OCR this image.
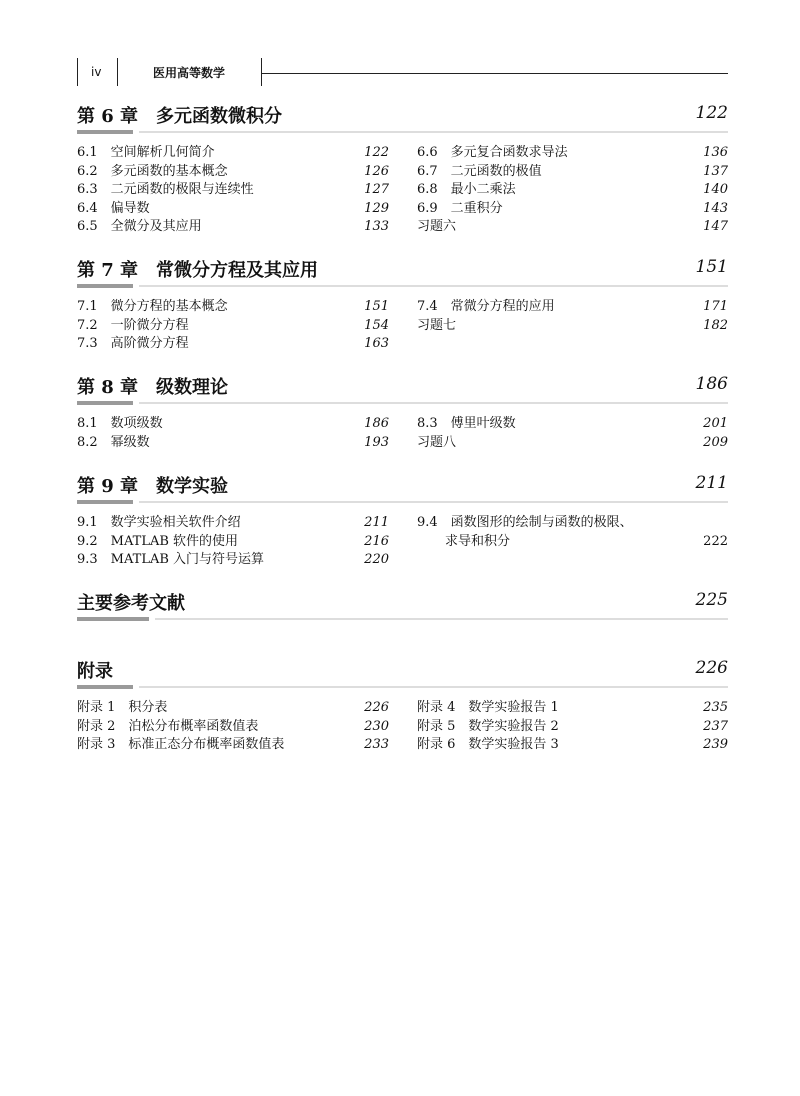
iv	医用高等数学
第 6 章　多元函数微积分	122
6.1　空间解析几何简介	122
6.2　多元函数的基本概念	126
6.3　二元函数的极限与连续性	127
6.4　偏导数	129
6.5　全微分及其应用	133
6.6　多元复合函数求导法	136
6.7　二元函数的极值	137
6.8　最小二乘法	140
6.9　二重积分	143
习题六	147
第 7 章　常微分方程及其应用	151
7.1　微分方程的基本概念	151
7.2　一阶微分方程	154
7.3　高阶微分方程	163
7.4　常微分方程的应用	171
习题七	182
第 8 章　级数理论	186
8.1　数项级数	186
8.2　幂级数	193
8.3　傅里叶级数	201
习题八	209
第 9 章　数学实验	211
9.1　数学实验相关软件介绍	211
9.2　MATLAB 软件的使用	216
9.3　MATLAB 入门与符号运算	220
9.4　函数图形的绘制与函数的极限、
求导和积分	222
主要参考文献	225
附录	226
附录 1　积分表	226
附录 2　泊松分布概率函数值表	230
附录 3　标准正态分布概率函数值表	233
附录 4　数学实验报告 1	235
附录 5　数学实验报告 2	237
附录 6　数学实验报告 3	239
